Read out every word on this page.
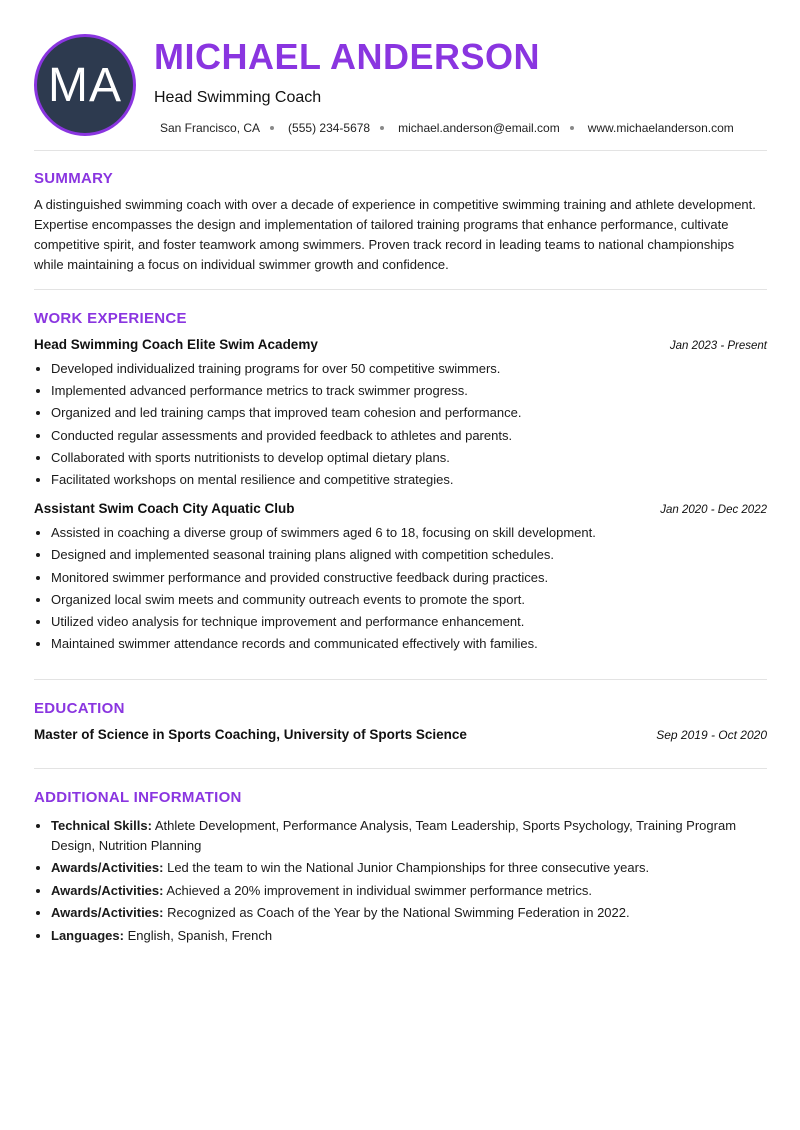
MA
MICHAEL ANDERSON
Head Swimming Coach
San Francisco, CA (555) 234-5678 michael.anderson@email.com www.michaelanderson.com
SUMMARY

A distinguished swimming coach with over a decade of experience in competitive swimming training and athlete development. Expertise encompasses the design and implementation of tailored training programs that enhance performance, cultivate competitive spirit, and foster teamwork among swimmers. Proven track record in leading teams to national championships while maintaining a focus on individual swimmer growth and confidence.

WORK EXPERIENCE
Head Swimming Coach Elite Swim Academy	Jan 2023 - Present
• Developed individualized training programs for over 50 competitive swimmers.
• Implemented advanced performance metrics to track swimmer progress.
• Organized and led training camps that improved team cohesion and performance.
• Conducted regular assessments and provided feedback to athletes and parents.
• Collaborated with sports nutritionists to develop optimal dietary plans.
• Facilitated workshops on mental resilience and competitive strategies.
Assistant Swim Coach City Aquatic Club	Jan 2020 - Dec 2022
• Assisted in coaching a diverse group of swimmers aged 6 to 18, focusing on skill development.
• Designed and implemented seasonal training plans aligned with competition schedules.
• Monitored swimmer performance and provided constructive feedback during practices.
• Organized local swim meets and community outreach events to promote the sport.
• Utilized video analysis for technique improvement and performance enhancement.
• Maintained swimmer attendance records and communicated effectively with families.
EDUCATION
Master of Science in Sports Coaching, University of Sports Science	Sep 2019 - Oct 2020
ADDITIONAL INFORMATION
• Technical Skills: Athlete Development, Performance Analysis, Team Leadership, Sports Psychology, Training Program Design, Nutrition Planning
• Awards/Activities: Led the team to win the National Junior Championships for three consecutive years.
• Awards/Activities: Achieved a 20% improvement in individual swimmer performance metrics.
• Awards/Activities: Recognized as Coach of the Year by the National Swimming Federation in 2022.
• Languages: English, Spanish, French
